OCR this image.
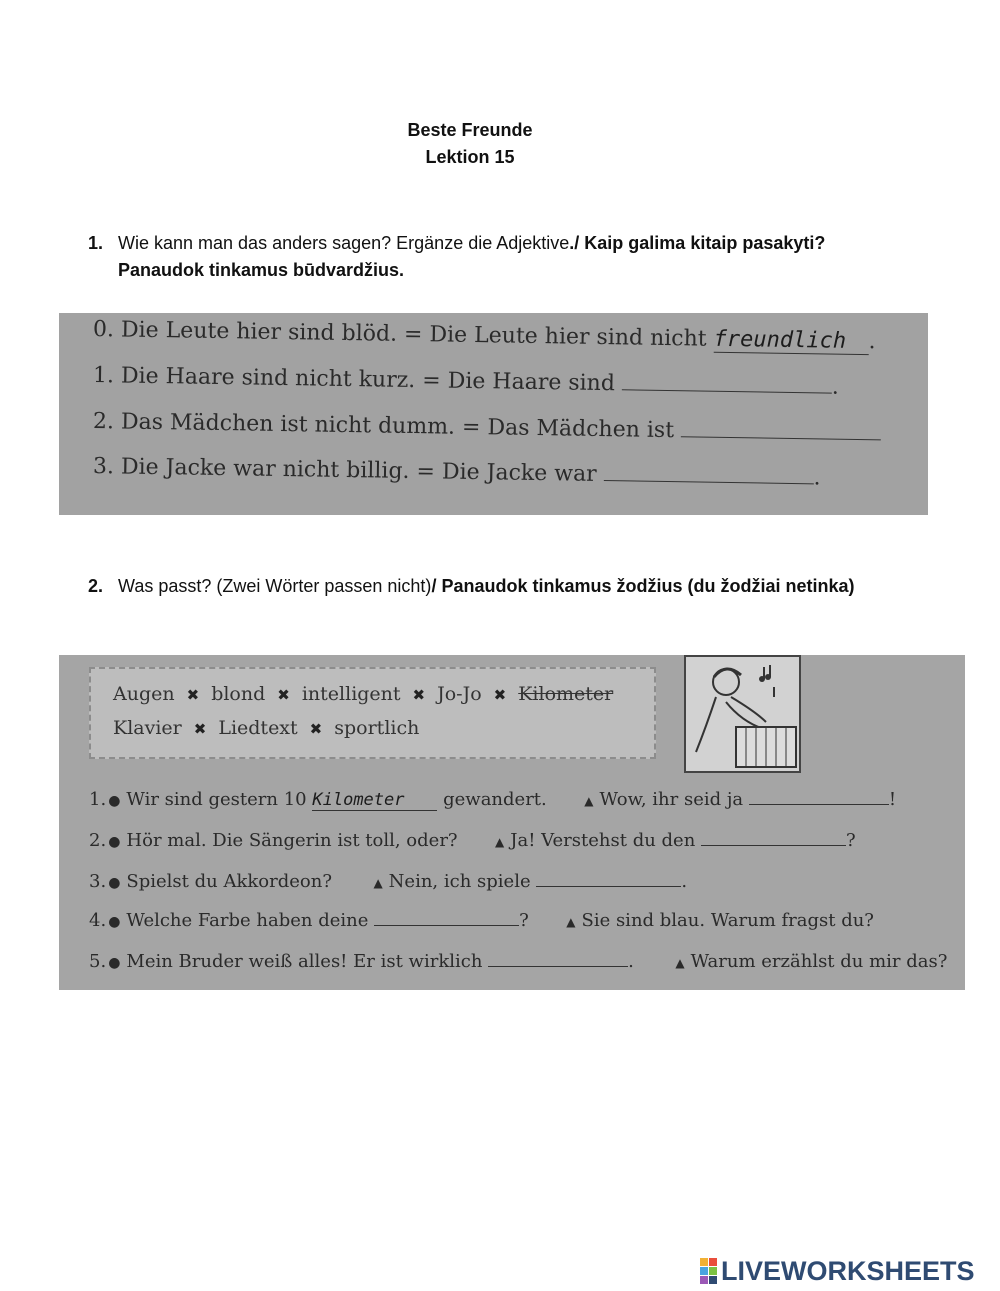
Beste Freunde
Lektion 15
1. Wie kann man das anders sagen? Ergänze die Adjektive./ Kaip galima kitaip pasakyti? Panaudok tinkamus būdvardžius.
0. Die Leute hier sind blöd. = Die Leute hier sind nicht freundlich .
1. Die Haare sind nicht kurz. = Die Haare sind	.
2. Das Mädchen ist nicht dumm. = Das Mädchen ist
3. Die Jacke war nicht billig. = Die Jacke war	.
2. Was passt? (Zwei Wörter passen nicht)/ Panaudok tinkamus žodžius (du žodžiai netinka)
Augen ✖ blond ✖ intelligent ✖ Jo-Jo ✖ Kilometer
Klavier ✖ Liedtext ✖ sportlich
1. ● Wir sind gestern 10 Kilometer gewandert.	▲ Wow, ihr seid ja	!
2. ● Hör mal. Die Sängerin ist toll, oder?	▲ Ja! Verstehst du den	?
3. ● Spielst du Akkordeon?	▲ Nein, ich spiele	.
4. ● Welche Farbe haben deine	?	▲ Sie sind blau. Warum fragst du?
5. ● Mein Bruder weiß alles! Er ist wirklich	.	▲ Warum erzählst du mir das?
LIVEWORKSHEETS
